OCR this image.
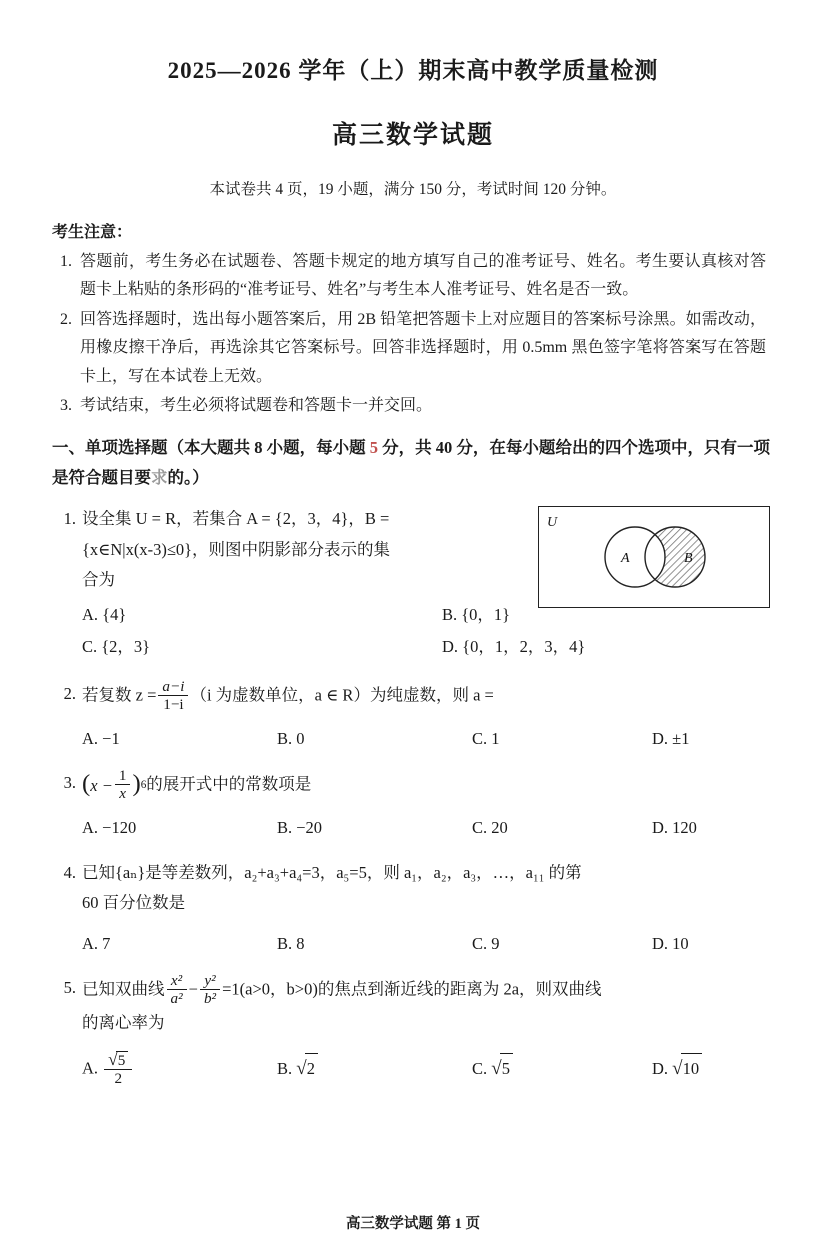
2025—2026 学年（上）期末高中教学质量检测
高三数学试题
本试卷共 4 页，19 小题，满分 150 分，考试时间 120 分钟。
考生注意：
1. 答题前，考生务必在试题卷、答题卡规定的地方填写自己的准考证号、姓名。考生要认真核对答题卡上粘贴的条形码的“准考证号、姓名”与考生本人准考证号、姓名是否一致。
2. 回答选择题时，选出每小题答案后，用 2B 铅笔把答题卡上对应题目的答案标号涂黑。如需改动，用橡皮擦干净后，再选涂其它答案标号。回答非选择题时，用 0.5mm 黑色签字笔将答案写在答题卡上，写在本试卷上无效。
3. 考试结束，考生必须将试题卷和答题卡一并交回。
一、单项选择题（本大题共 8 小题，每小题 5 分，共 40 分，在每小题给出的四个选项中，只有一项是符合题目要求的。）
1. 设全集 U = R，若集合 A = {2，3，4}，B =
{x∈N|x(x-3)≤0}，则图中阴影部分表示的集
合为
U
A	B
A. {4}	B. {0，1}
C. {2，3}	D. {0，1，2，3，4}
2. 若复数 $z = \frac{a-i}{1-i} (i$ 为虚数单位，a ∈ R）为纯虚数，则 a =
A. −1	B. 0	C. 1	D. ±1
3. ( $x - \frac{1}{x}$ ) 6 的展开式中的常数项是
A. −120	B. −20	C. 20	D. 120
4. 已知{aₙ}是等差数列，a₂+a₃+a₄=3，a₅=5，则 a₁，a₂，a₃，…，a₁₁ 的第
60 百分位数是
A. 7	B. 8	C. 9	D. 10
5. 已知双曲线 $\frac{\text{x²}}{\text{a²}} - \frac{\text{y²}}{\text{b²}} =1(a>0$，b>0)的焦点到渐近线的距离为 2a，则双曲线
的离心率为
A. $\frac{√5}{2}$	B. √2	C. √5	D. √10
高三数学试题 第 1 页
